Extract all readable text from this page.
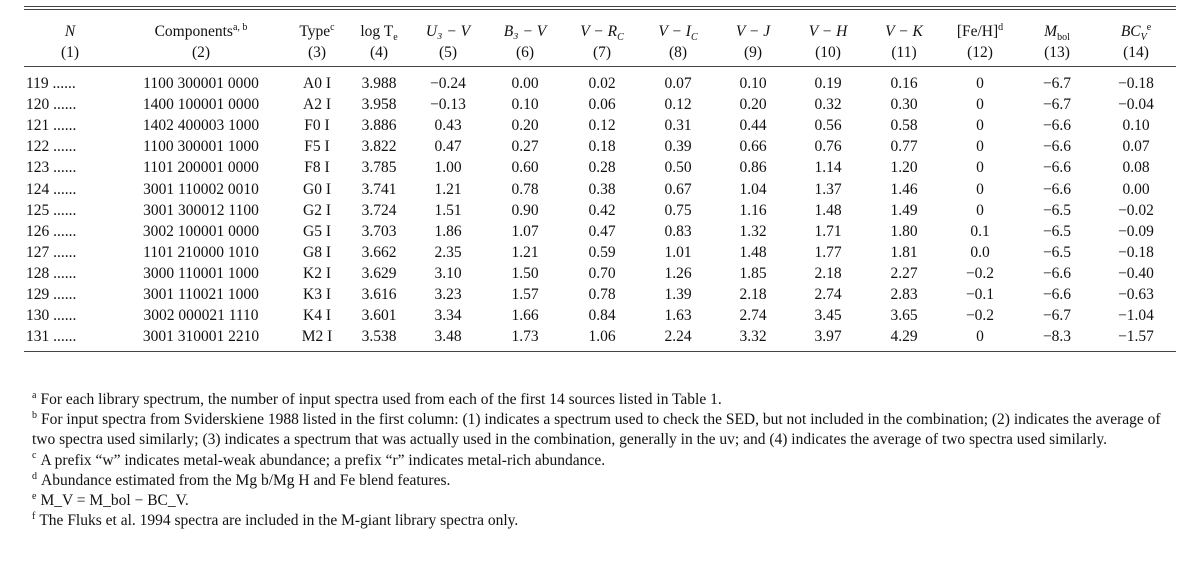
N	Components$^{a, b}$	Type$^c$	$\log T_e$	U₃ − V	B₃ − V	$V - R_C$	$V - I_C$	V − J	V − H	V − K	$[Fe/H]^d$	$M_{bol}$	$BC_V^e$
(1)	(2)	(3)	(4)	(5)	(6)	(7)	(8)	(9)	(10)	(11)	(12)	(13)	(14)
119 ......	1100 300001 0000	A0 I	3.988	−0.24	0.00	0.02	0.07	0.10	0.19	0.16	0	−6.7	−0.18
120 ......	1400 100001 0000	A2 I	3.958	−0.13	0.10	0.06	0.12	0.20	0.32	0.30	0	−6.7	−0.04
121 ......	1402 400003 1000	F0 I	3.886	0.43	0.20	0.12	0.31	0.44	0.56	0.58	0	−6.6	0.10
122 ......	1100 300001 1000	F5 I	3.822	0.47	0.27	0.18	0.39	0.66	0.76	0.77	0	−6.6	0.07
123 ......	1101 200001 0000	F8 I	3.785	1.00	0.60	0.28	0.50	0.86	1.14	1.20	0	−6.6	0.08
124 ......	3001 110002 0010	G0 I	3.741	1.21	0.78	0.38	0.67	1.04	1.37	1.46	0	−6.6	0.00
125 ......	3001 300012 1100	G2 I	3.724	1.51	0.90	0.42	0.75	1.16	1.48	1.49	0	−6.5	−0.02
126 ......	3002 100001 0000	G5 I	3.703	1.86	1.07	0.47	0.83	1.32	1.71	1.80	0.1	−6.5	−0.09
127 ......	1101 210000 1010	G8 I	3.662	2.35	1.21	0.59	1.01	1.48	1.77	1.81	0.0	−6.5	−0.18
128 ......	3000 110001 1000	K2 I	3.629	3.10	1.50	0.70	1.26	1.85	2.18	2.27	−0.2	−6.6	−0.40
129 ......	3001 110021 1000	K3 I	3.616	3.23	1.57	0.78	1.39	2.18	2.74	2.83	−0.1	−6.6	−0.63
130 ......	3002 000021 1110	K4 I	3.601	3.34	1.66	0.84	1.63	2.74	3.45	3.65	−0.2	−6.7	−1.04
131 ......	3001 310001 2210	M2 I	3.538	3.48	1.73	1.06	2.24	3.32	3.97	4.29	0	−8.3	−1.57
$^a$ For each library spectrum, the number of input spectra used from each of the first 14 sources listed in Table 1.
$^b$ For input spectra from Sviderskiene 1988 listed in the first column: (1) indicates a spectrum used to check the SED, but not included in the combination; (2) indicates the average of two spectra used similarly; (3) indicates a spectrum that was actually used in the combination, generally in the uv; and (4) indicates the average of two spectra used similarly.
$^c$ A prefix “w” indicates metal-weak abundance; a prefix “r” indicates metal-rich abundance.
$^d$ Abundance estimated from the Mg b/Mg H and Fe blend features.
$^e$ M_V = M_bol − BC_V.
$^f$ The Fluks et al. 1994 spectra are included in the M-giant library spectra only.
